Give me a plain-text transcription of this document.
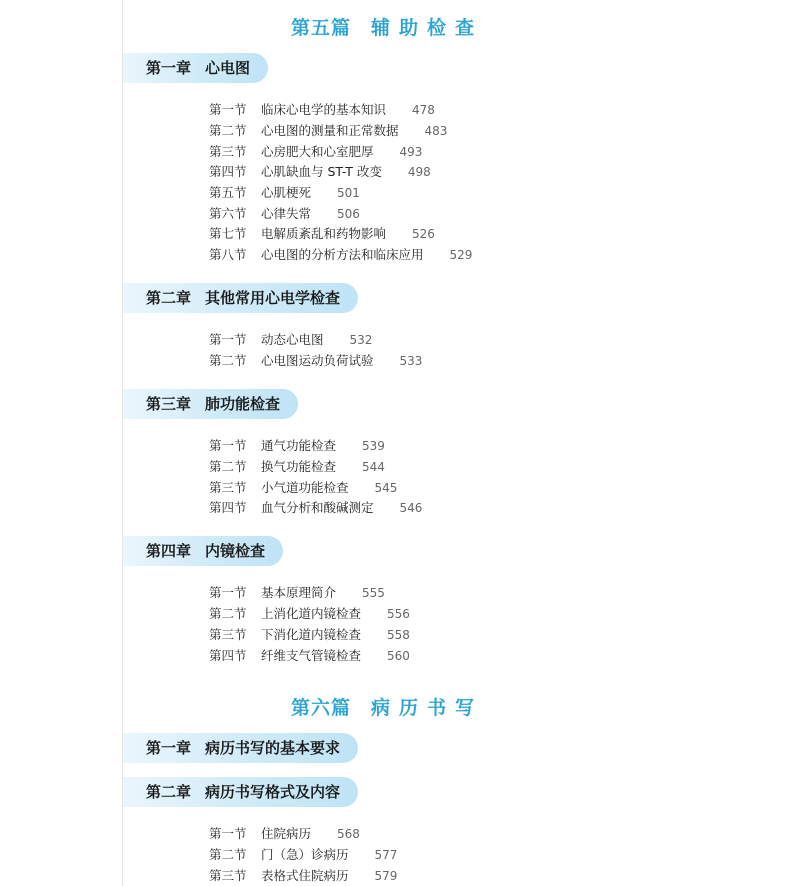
第五篇 辅助检查
第一章 心电图
第一节 临床心电学的基本知识 478
第二节 心电图的测量和正常数据 483
第三节 心房肥大和心室肥厚 493
第四节 心肌缺血与 ST-T 改变 498
第五节 心肌梗死 501
第六节 心律失常 506
第七节 电解质紊乱和药物影响 526
第八节 心电图的分析方法和临床应用 529
第二章 其他常用心电学检查
第一节 动态心电图 532
第二节 心电图运动负荷试验 533
第三章 肺功能检查
第一节 通气功能检查 539
第二节 换气功能检查 544
第三节 小气道功能检查 545
第四节 血气分析和酸碱测定 546
第四章 内镜检查
第一节 基本原理简介 555
第二节 上消化道内镜检查 556
第三节 下消化道内镜检查 558
第四节 纤维支气管镜检查 560
第六篇 病历书写
第一章 病历书写的基本要求
第二章 病历书写格式及内容
第一节 住院病历 568
第二节 门（急）诊病历 577
第三节 表格式住院病历 579
